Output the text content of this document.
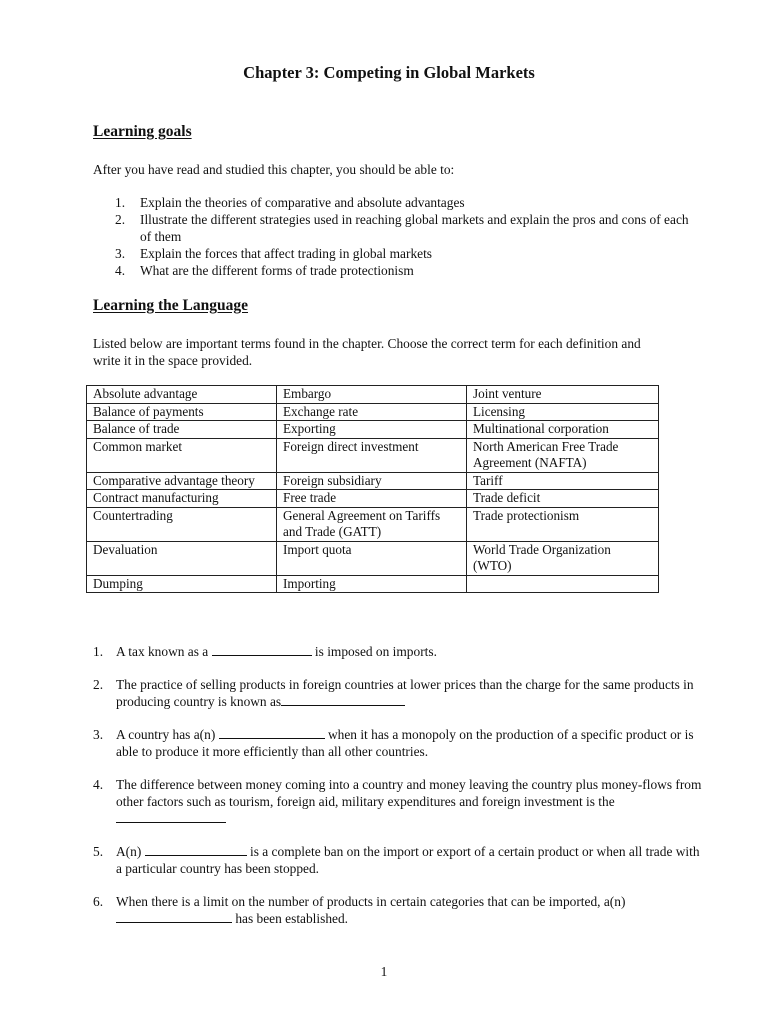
Chapter 3: Competing in Global Markets
Learning goals
After you have read and studied this chapter, you should be able to:
1. Explain the theories of comparative and absolute advantages
2. Illustrate the different strategies used in reaching global markets and explain the pros and cons of each of them
3. Explain the forces that affect trading in global markets
4. What are the different forms of trade protectionism
Learning the Language
Listed below are important terms found in the chapter. Choose the correct term for each definition and write it in the space provided.
Absolute advantage	Embargo	Joint venture
Balance of payments	Exchange rate	Licensing
Balance of trade	Exporting	Multinational corporation
Common market	Foreign direct investment	North American Free Trade Agreement (NAFTA)
Comparative advantage theory	Foreign subsidiary	Tariff
Contract manufacturing	Free trade	Trade deficit
Countertrading	General Agreement on Tariffs and Trade (GATT)	Trade protectionism
Devaluation	Import quota	World Trade Organization (WTO)
Dumping	Importing	
1. A tax known as a	is imposed on imports.
2. The practice of selling products in foreign countries at lower prices than the charge for the same products in producing country is known as
3. A country has a(n)	when it has a monopoly on the production of a specific product or is able to produce it more efficiently than all other countries.
4. The difference between money coming into a country and money leaving the country plus money-flows from other factors such as tourism, foreign aid, military expenditures and foreign investment is the
5. A(n)	is a complete ban on the import or export of a certain product or when all trade with a particular country has been stopped.
6. When there is a limit on the number of products in certain categories that can be imported, a(n)  has been established.
1
